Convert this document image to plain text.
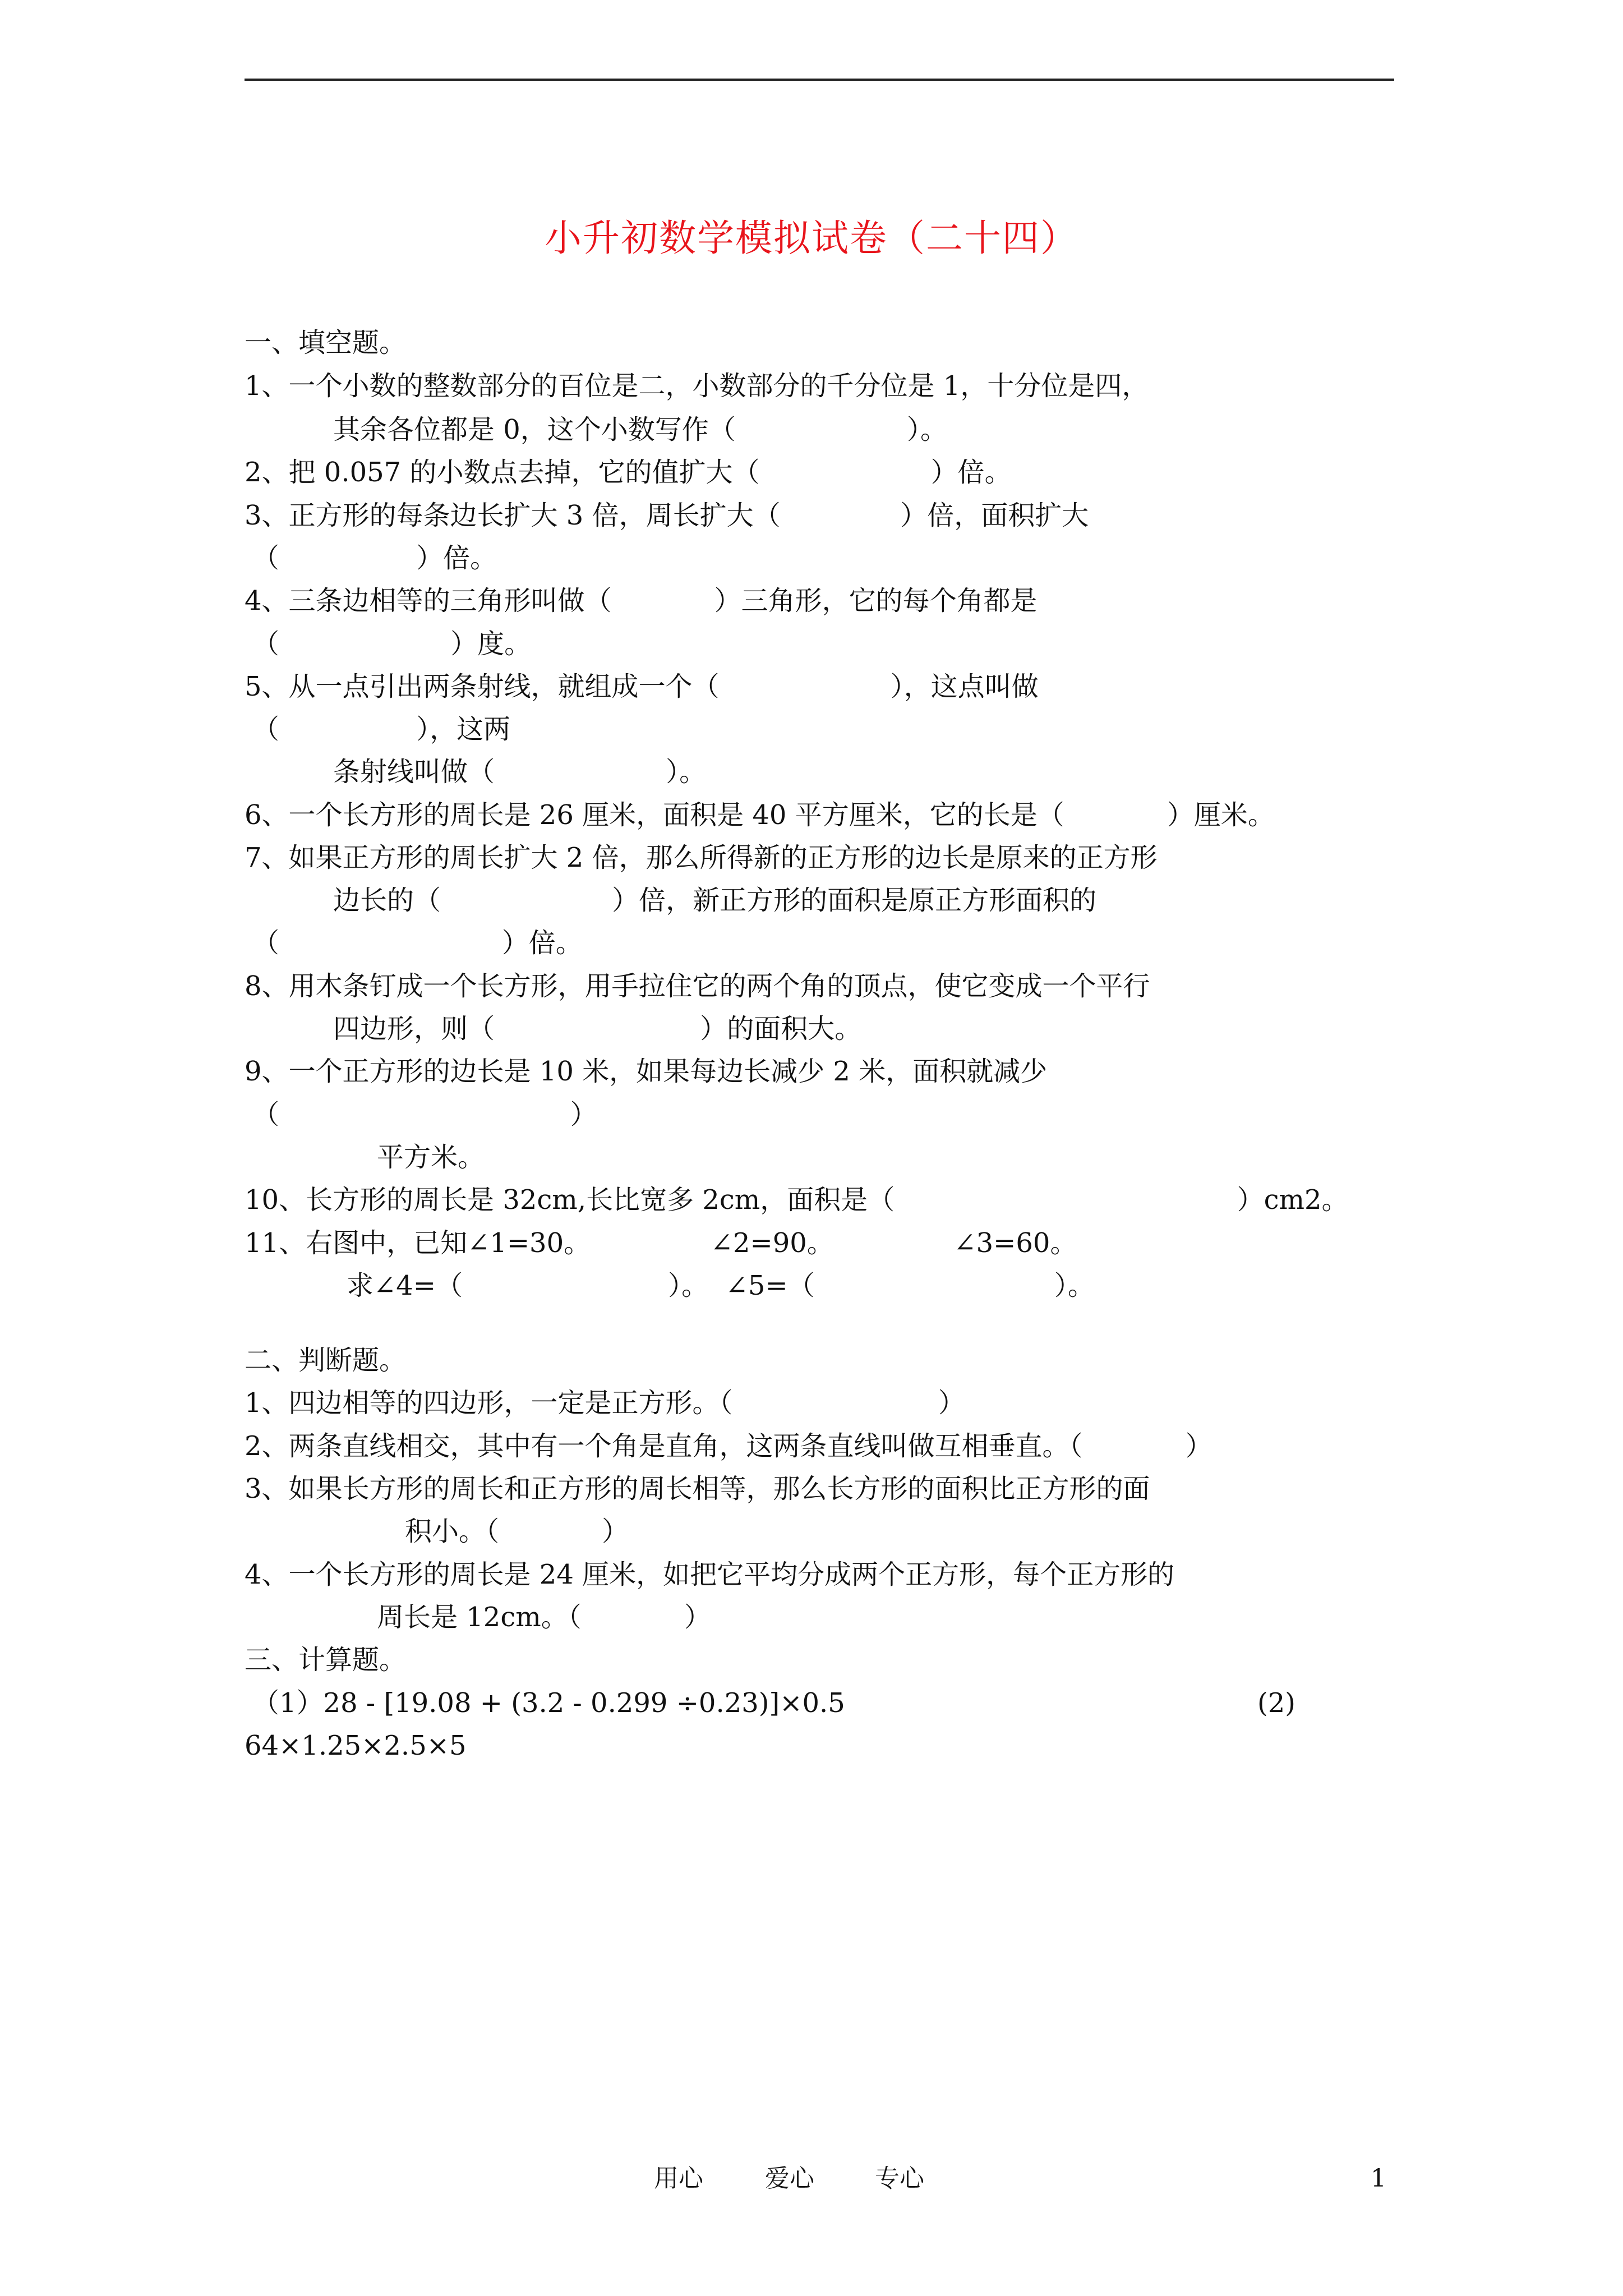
小升初数学模拟试卷（二十四）
一、填空题。
1、一个小数的整数部分的百位是二，小数部分的千分位是 1，十分位是四，
其余各位都是 0，这个小数写作（                    ）。
2、把 0.057 的小数点去掉，它的值扩大（                    ）倍。
3、正方形的每条边长扩大 3 倍，周长扩大（              ）倍，面积扩大
（                ）倍。
4、三条边相等的三角形叫做（            ）三角形，它的每个角都是
（                    ）度。
5、从一点引出两条射线，就组成一个（                    ），这点叫做
（                ），这两
条射线叫做（                    ）。
6、一个长方形的周长是 26 厘米，面积是 40 平方厘米，它的长是（            ）厘米。
7、如果正方形的周长扩大 2 倍，那么所得新的正方形的边长是原来的正方形
边长的（                    ）倍，新正方形的面积是原正方形面积的
（                          ）倍。
8、用木条钉成一个长方形，用手拉住它的两个角的顶点，使它变成一个平行
四边形，则（                        ）的面积大。
9、一个正方形的边长是 10 米，如果每边长减少 2 米，面积就减少
（                                  ）
平方米。
10、长方形的周长是 32cm,长比宽多 2cm，面积是（                                        ）cm2。
11、右图中，已知∠1=30。              ∠2=90。              ∠3=60。
求∠4=（                        ）。  ∠5=（                            ）。
二、判断题。
1、四边相等的四边形，一定是正方形。（                        ）
2、两条直线相交，其中有一个角是直角，这两条直线叫做互相垂直。（            ）
3、如果长方形的周长和正方形的周长相等，那么长方形的面积比正方形的面
积小。（            ）
4、一个长方形的周长是 24 厘米，如把它平均分成两个正方形，每个正方形的
周长是 12cm。（            ）
三、计算题。
（1）28 - [19.08 + (3.2 - 0.299 ÷0.23)]×0.5	(2)
64×1.25×2.5×5
用心	爱心 专心	1
